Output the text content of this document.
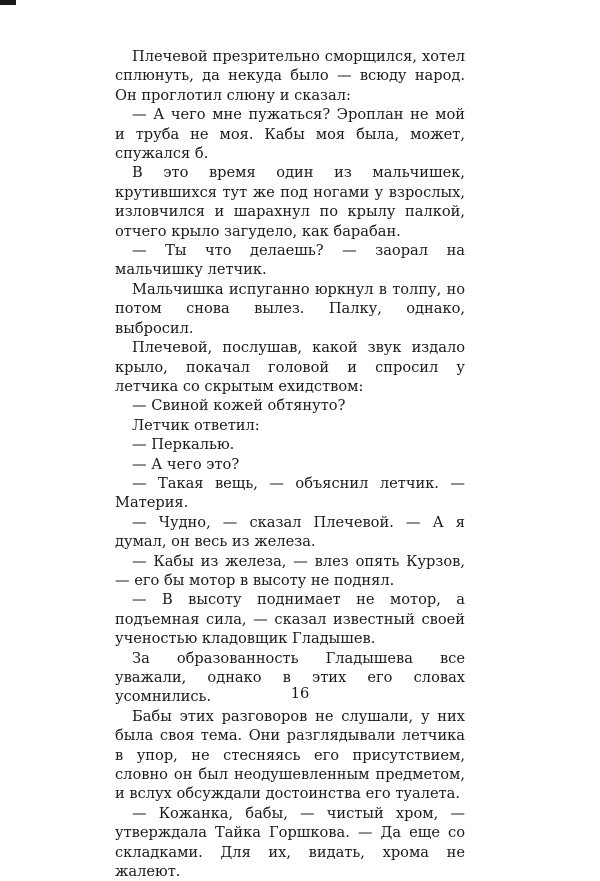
Плечевой презрительно сморщился, хотел сплюнуть, да некуда было — всюду народ. Он проглотил слюну и сказал:

— А чего мне пужаться? Эроплан не мой и труба не моя. Кабы моя была, может, спужался б.

В это время один из мальчишек, крутившихся тут же под ногами у взрослых, изловчился и шарахнул по крылу палкой, отчего крыло загудело, как барабан.

— Ты что делаешь? — заорал на мальчишку летчик.

Мальчишка испуганно юркнул в толпу, но потом снова вылез. Палку, однако, выбросил.

Плечевой, послушав, какой звук издало крыло, покачал головой и спросил у летчика со скрытым ехидством:

— Свиной кожей обтянуто?

Летчик ответил:

— Перкалью.

— А чего это?

— Такая вещь, — объяснил летчик. — Материя.

— Чудно, — сказал Плечевой. — А я думал, он весь из железа.

— Кабы из железа, — влез опять Курзов, — его бы мотор в высоту не поднял.

— В высоту поднимает не мотор, а подъемная сила, — сказал известный своей ученостью кладовщик Гладышев.

За образованность Гладышева все уважали, однако в этих его словах усомнились.

Бабы этих разговоров не слушали, у них была своя тема. Они разглядывали летчика в упор, не стесняясь его присутствием, словно он был неодушевленным предметом, и вслух обсуждали достоинства его туалета.

— Кожанка, бабы, — чистый хром, — утверждала Тайка Горшкова. — Да еще со складками. Для их, видать, хрома не жалеют.

16
